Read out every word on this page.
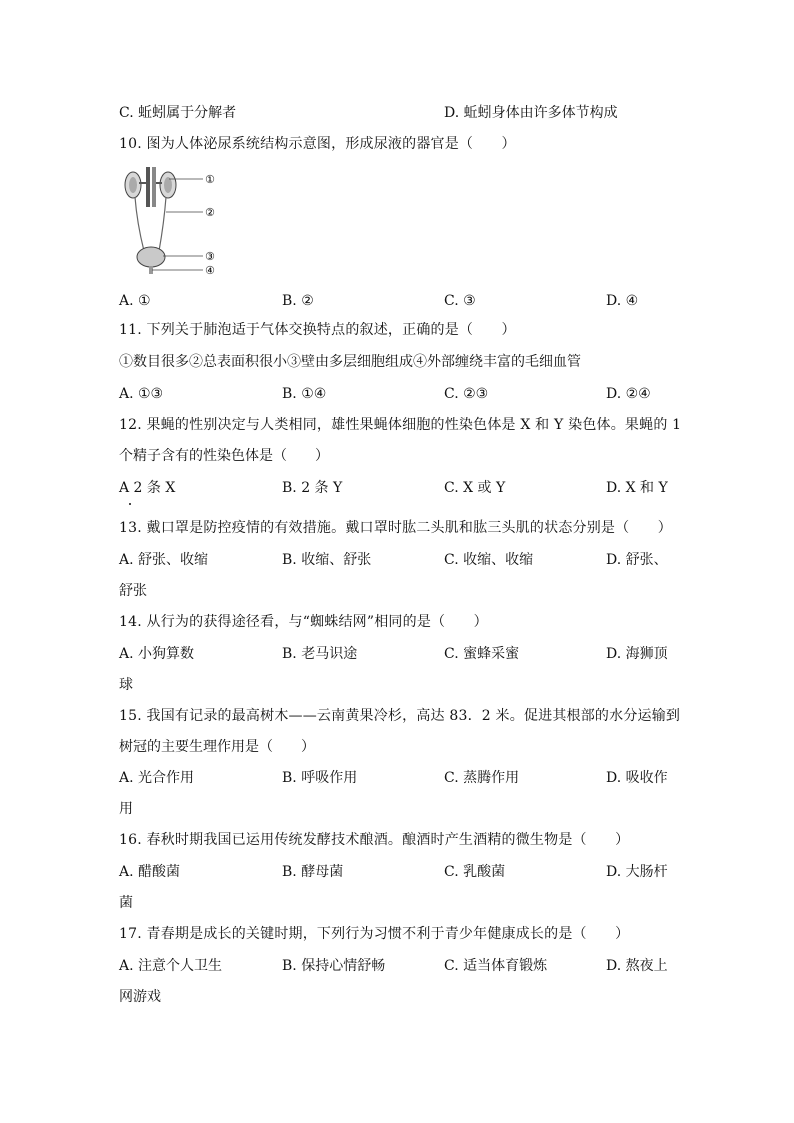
C. 蚯蚓属于分解者	D. 蚯蚓身体由许多体节构成
10. 图为人体泌尿系统结构示意图，形成尿液的器官是（　　）
①
②
③
④
A. ①	B. ②	C. ③	D. ④
11. 下列关于肺泡适于气体交换特点的叙述，正确的是（　　）
①数目很多②总表面积很小③壁由多层细胞组成④外部缠绕丰富的毛细血管
A. ①③	B. ①④	C. ②③	D. ②④
12. 果蝇的性别决定与人类相同，雄性果蝇体细胞的性染色体是 X 和 Y 染色体。果蝇的 1
个精子含有的性染色体是（　　）
A 2 条 X	B. 2 条 Y	C. X 或 Y	D. X 和 Y
13. 戴口罩是防控疫情的有效措施。戴口罩时肱二头肌和肱三头肌的状态分别是（　　）
A. 舒张、收缩	B. 收缩、舒张	C. 收缩、收缩	D. 舒张、
舒张
14. 从行为的获得途径看，与“蜘蛛结网”相同的是（　　）
A. 小狗算数	B. 老马识途	C. 蜜蜂采蜜	D. 海狮顶
球
15. 我国有记录的最高树木——云南黄果冷杉，高达 83．2 米。促进其根部的水分运输到
树冠的主要生理作用是（　　）
A. 光合作用	B. 呼吸作用	C. 蒸腾作用	D. 吸收作
用
16. 春秋时期我国已运用传统发酵技术酿酒。酿酒时产生酒精的微生物是（　　）
A. 醋酸菌	B. 酵母菌	C. 乳酸菌	D. 大肠杆
菌
17. 青春期是成长的关键时期，下列行为习惯不利于青少年健康成长的是（　　）
A. 注意个人卫生	B. 保持心情舒畅	C. 适当体育锻炼	D. 熬夜上
网游戏
